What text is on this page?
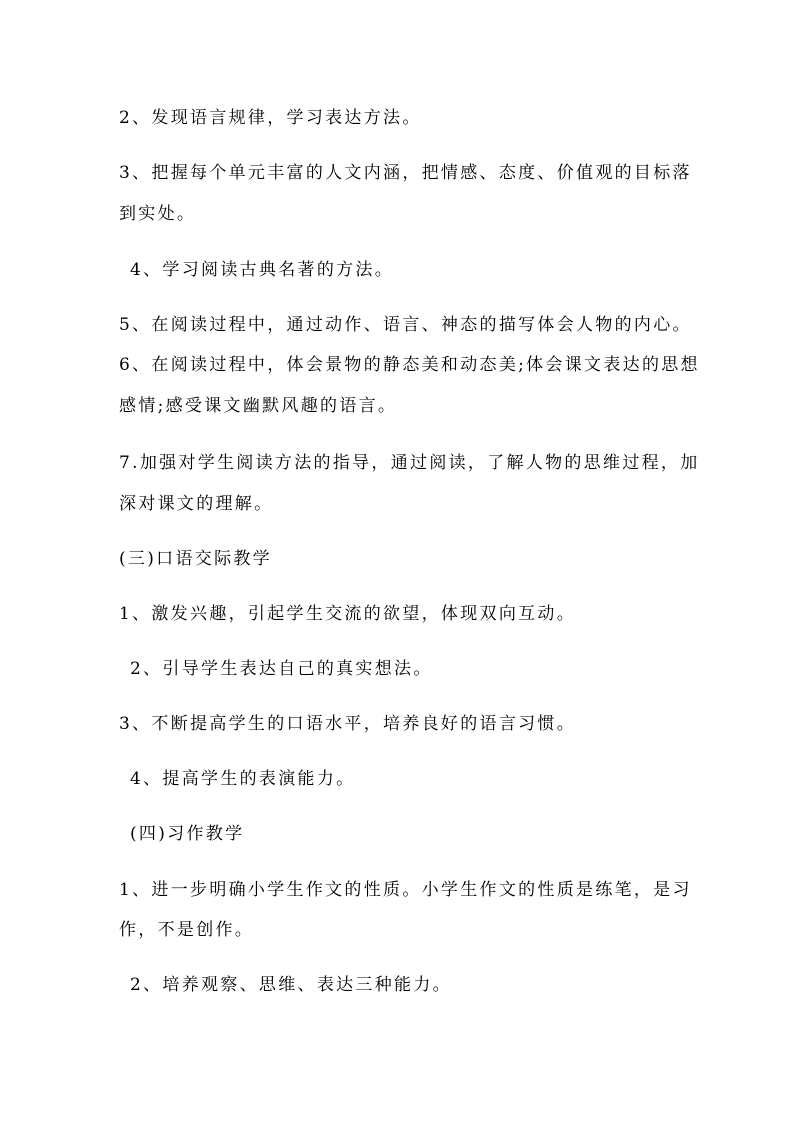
2、发现语言规律，学习表达方法。
3、把握每个单元丰富的人文内涵，把情感、态度、价值观的目标落
到实处。
4、学习阅读古典名著的方法。
5、在阅读过程中，通过动作、语言、神态的描写体会人物的内心。
6、在阅读过程中，体会景物的静态美和动态美;体会课文表达的思想
感情;感受课文幽默风趣的语言。
7.加强对学生阅读方法的指导，通过阅读，了解人物的思维过程，加
深对课文的理解。
(三)口语交际教学
1、激发兴趣，引起学生交流的欲望，体现双向互动。
2、引导学生表达自己的真实想法。
3、不断提高学生的口语水平，培养良好的语言习惯。
4、提高学生的表演能力。
(四)习作教学
1、进一步明确小学生作文的性质。小学生作文的性质是练笔，是习
作，不是创作。
2、培养观察、思维、表达三种能力。
